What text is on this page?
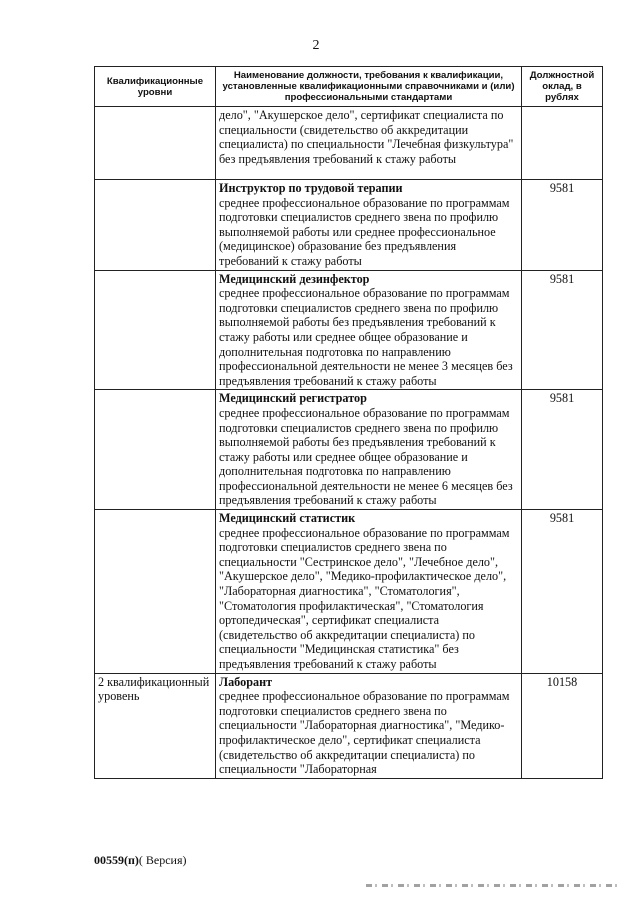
2
Квалификационные уровни	Наименование должности, требования к квалификации, установленные квалификационными справочниками и (или) профессиональными стандартами	Должностной оклад, в рублях

	дело", "Акушерское дело", сертификат специалиста по специальности (свидетельство об аккредитации специалиста) по специальности "Лечебная физкультура" без предъявления требований к стажу работы	

	Инструктор по трудовой терапии
среднее профессиональное образование по программам подготовки специалистов среднего звена по профилю выполняемой работы или среднее профессиональное (медицинское) образование без предъявления требований к стажу работы	9581

	Медицинский дезинфектор
среднее профессиональное образование по программам подготовки специалистов среднего звена по профилю выполняемой работы без предъявления требований к стажу работы или среднее общее образование и дополнительная подготовка по направлению профессиональной деятельности не менее 3 месяцев без предъявления требований к стажу работы	9581

	Медицинский регистратор
среднее профессиональное образование по программам подготовки специалистов среднего звена по профилю выполняемой работы без предъявления требований к стажу работы или среднее общее образование и дополнительная подготовка по направлению профессиональной деятельности не менее 6 месяцев без предъявления требований к стажу работы	9581

	Медицинский статистик
среднее профессиональное образование по программам подготовки специалистов среднего звена по специальности "Сестринское дело", "Лечебное дело", "Акушерское дело", "Медико-профилактическое дело", "Лабораторная диагностика", "Стоматология", "Стоматология профилактическая", "Стоматология ортопедическая", сертификат специалиста (свидетельство об аккредитации специалиста) по специальности "Медицинская статистика" без предъявления требований к стажу работы	9581
2 квалификационный уровень	Лаборант
среднее профессиональное образование по программам подготовки специалистов среднего звена по специальности "Лабораторная диагностика", "Медико-профилактическое дело", сертификат специалиста (свидетельство об аккредитации специалиста) по специальности "Лабораторная	10158
00559(п)( Версия)
